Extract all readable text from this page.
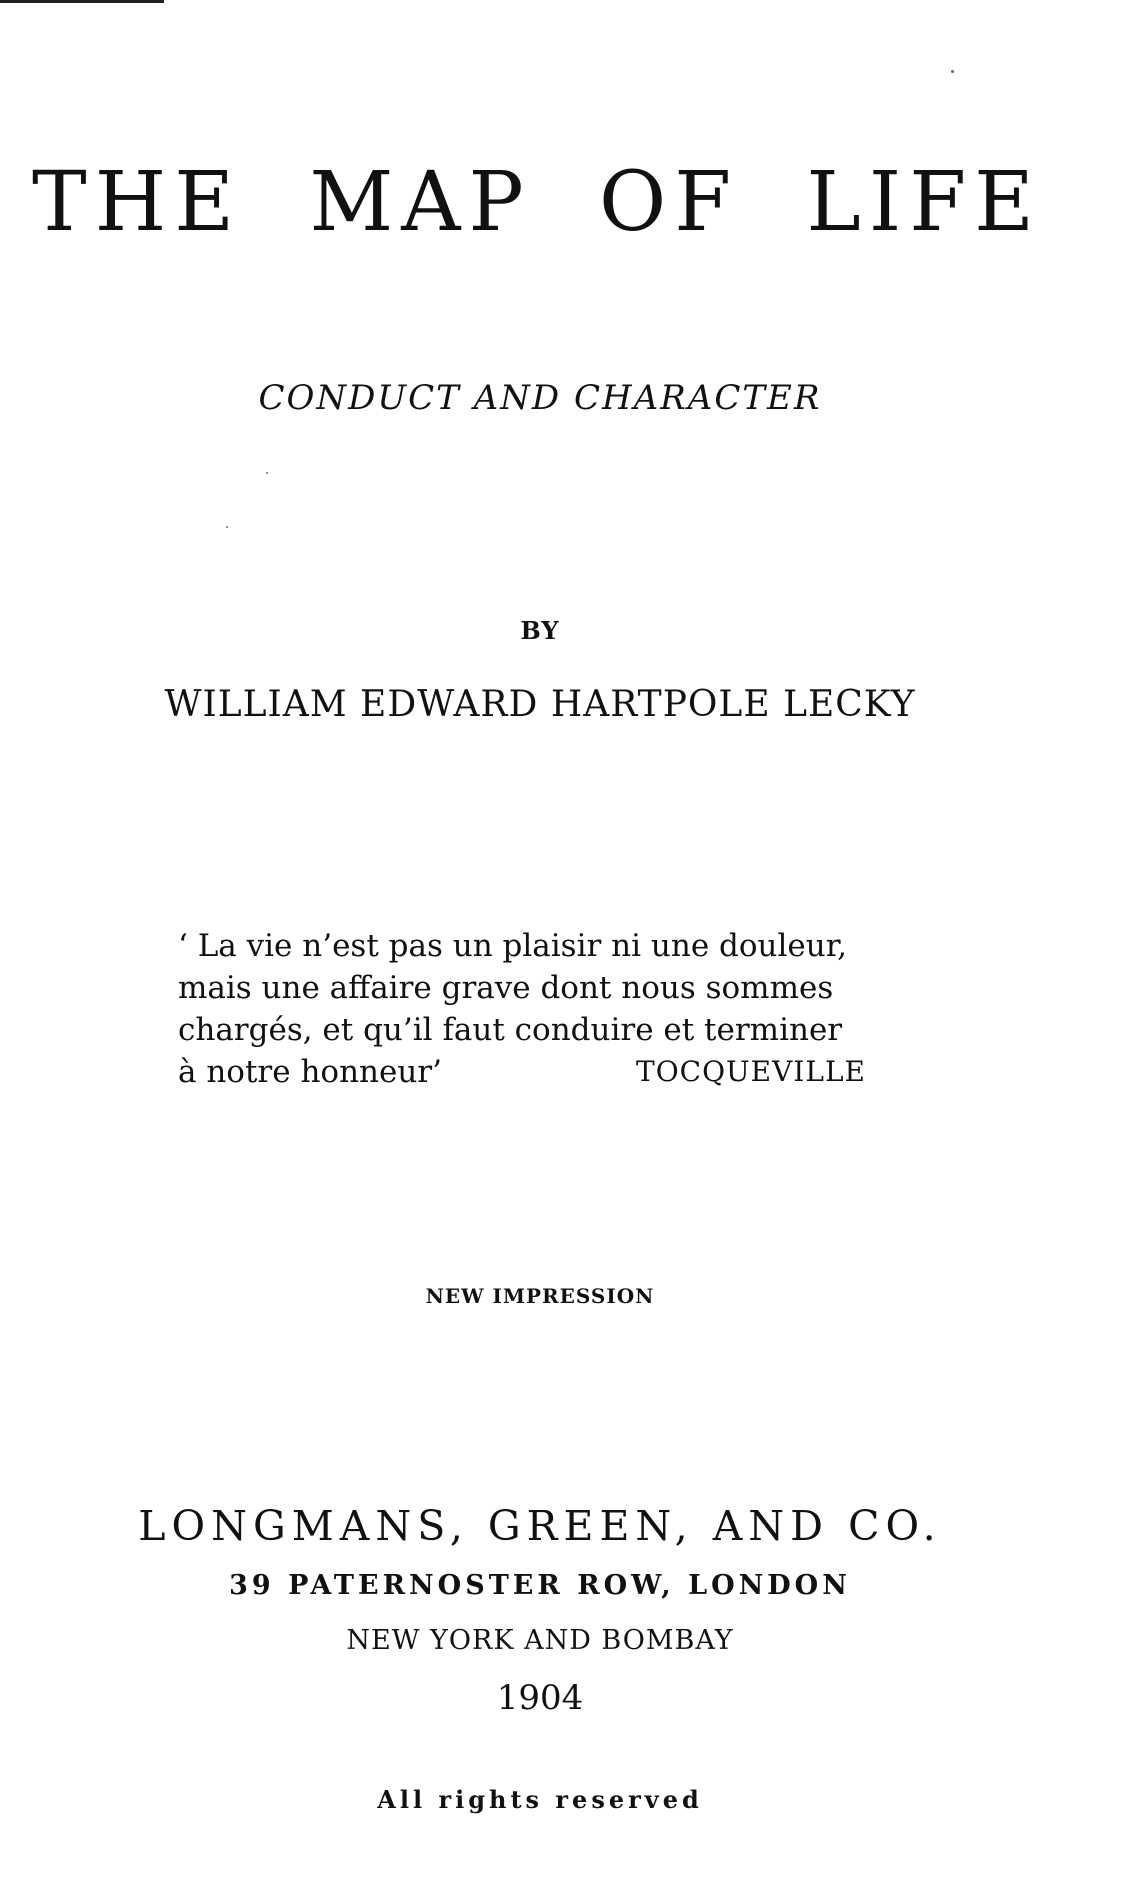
THE MAP OF LIFE
CONDUCT AND CHARACTER
BY
WILLIAM EDWARD HARTPOLE LECKY
‘ La vie n’est pas un plaisir ni une douleur,
mais une affaire grave dont nous sommes
chargés, et qu’il faut conduire et terminer
à notre honneur’	TOCQUEVILLE
NEW IMPRESSION
LONGMANS, GREEN, AND CO.
39 PATERNOSTER ROW, LONDON
NEW YORK AND BOMBAY
1904
All rights reserved
